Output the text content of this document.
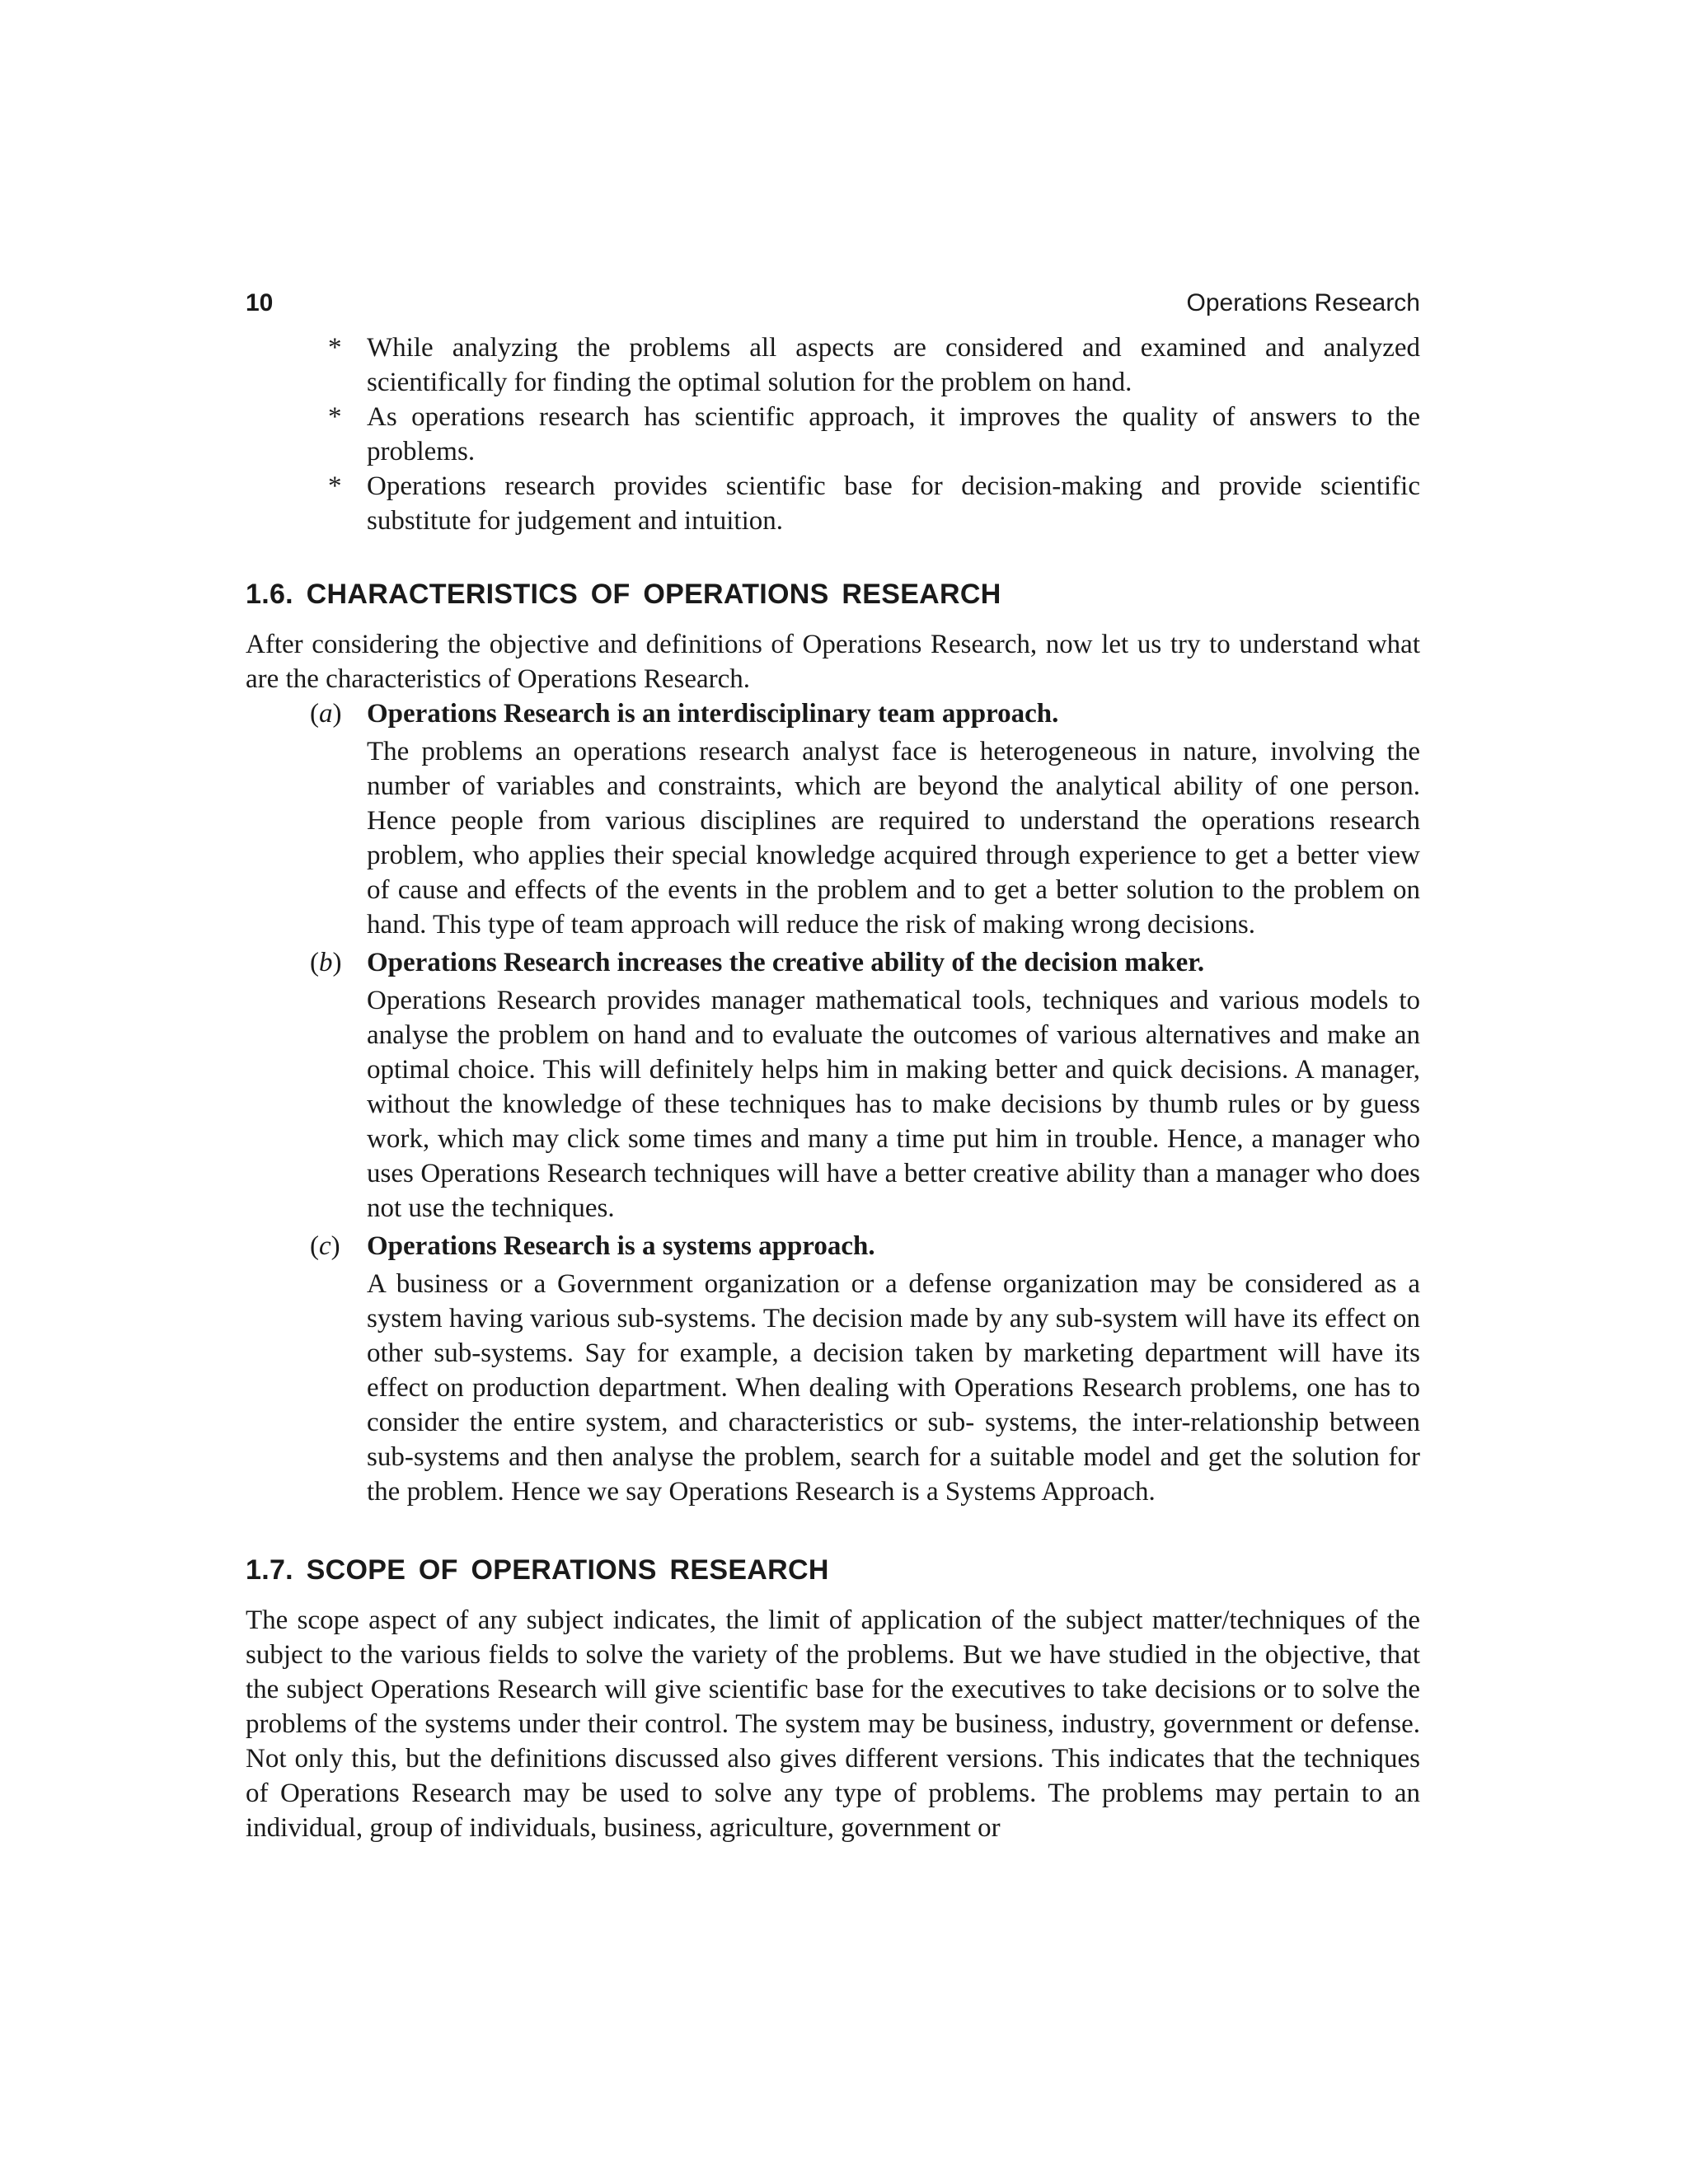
10	Operations Research
* While analyzing the problems all aspects are considered and examined and analyzed scientifically for finding the optimal solution for the problem on hand.
* As operations research has scientific approach, it improves the quality of answers to the problems.
* Operations research provides scientific base for decision-making and provide scientific substitute for judgement and intuition.
1.6. CHARACTERISTICS OF OPERATIONS RESEARCH

After considering the objective and definitions of Operations Research, now let us try to understand what are the characteristics of Operations Research.

(a) Operations Research is an interdisciplinary team approach.

The problems an operations research analyst face is heterogeneous in nature, involving the number of variables and constraints, which are beyond the analytical ability of one person. Hence people from various disciplines are required to understand the operations research problem, who applies their special knowledge acquired through experience to get a better view of cause and effects of the events in the problem and to get a better solution to the problem on hand. This type of team approach will reduce the risk of making wrong decisions.

(b) Operations Research increases the creative ability of the decision maker.

Operations Research provides manager mathematical tools, techniques and various models to analyse the problem on hand and to evaluate the outcomes of various alternatives and make an optimal choice. This will definitely helps him in making better and quick decisions. A manager, without the knowledge of these techniques has to make decisions by thumb rules or by guess work, which may click some times and many a time put him in trouble. Hence, a manager who uses Operations Research techniques will have a better creative ability than a manager who does not use the techniques.

(c) Operations Research is a systems approach.

A business or a Government organization or a defense organization may be considered as a system having various sub-systems. The decision made by any sub-system will have its effect on other sub-systems. Say for example, a decision taken by marketing department will have its effect on production department. When dealing with Operations Research problems, one has to consider the entire system, and characteristics or sub- systems, the inter-relationship between sub-systems and then analyse the problem, search for a suitable model and get the solution for the problem. Hence we say Operations Research is a Systems Approach.

1.7. SCOPE OF OPERATIONS RESEARCH

The scope aspect of any subject indicates, the limit of application of the subject matter/techniques of the subject to the various fields to solve the variety of the problems. But we have studied in the objective, that the subject Operations Research will give scientific base for the executives to take decisions or to solve the problems of the systems under their control. The system may be business, industry, government or defense. Not only this, but the definitions discussed also gives different versions. This indicates that the techniques of Operations Research may be used to solve any type of problems. The problems may pertain to an individual, group of individuals, business, agriculture, government or
